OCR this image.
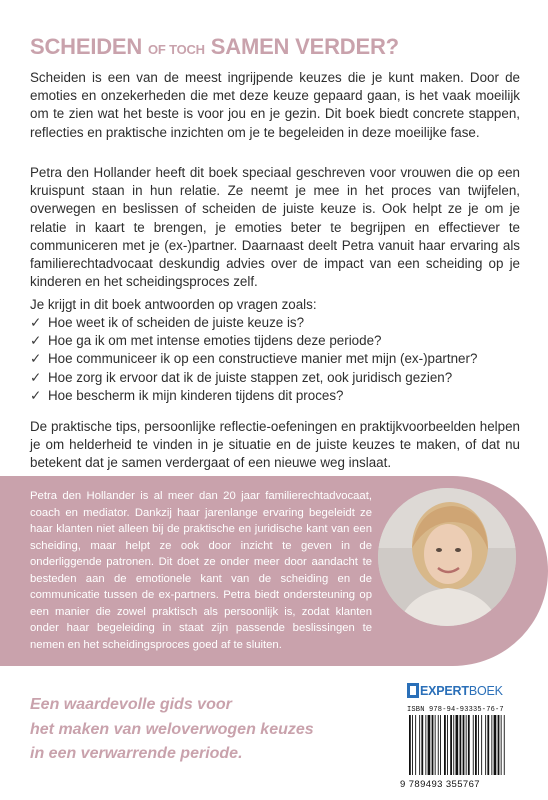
SCHEIDEN OF TOCH SAMEN VERDER?

Scheiden is een van de meest ingrijpende keuzes die je kunt maken. Door de emoties en onzekerheden die met deze keuze gepaard gaan, is het vaak moeilijk om te zien wat het beste is voor jou en je gezin. Dit boek biedt concrete stappen, reflecties en praktische inzichten om je te begeleiden in deze moeilijke fase.

Petra den Hollander heeft dit boek speciaal geschreven voor vrouwen die op een kruispunt staan in hun relatie. Ze neemt je mee in het proces van twijfelen, overwegen en beslissen of scheiden de juiste keuze is. Ook helpt ze je om je relatie in kaart te brengen, je emoties beter te begrijpen en effectiever te communiceren met je (ex-)partner. Daarnaast deelt Petra vanuit haar ervaring als familierechtadvocaat deskundig advies over de impact van een scheiding op je kinderen en het scheidingsproces zelf.

Je krijgt in dit boek antwoorden op vragen zoals:

✓ Hoe weet ik of scheiden de juiste keuze is?
✓ Hoe ga ik om met intense emoties tijdens deze periode?
✓ Hoe communiceer ik op een constructieve manier met mijn (ex-)partner?
✓ Hoe zorg ik ervoor dat ik de juiste stappen zet, ook juridisch gezien?
✓ Hoe bescherm ik mijn kinderen tijdens dit proces?

De praktische tips, persoonlijke reflectie-oefeningen en praktijkvoorbeelden helpen je om helderheid te vinden in je situatie en de juiste keuzes te maken, of dat nu betekent dat je samen verdergaat of een nieuwe weg inslaat.

Petra den Hollander is al meer dan 20 jaar familierechtadvocaat, coach en mediator. Dankzij haar jarenlange ervaring begeleidt ze haar klanten niet alleen bij de praktische en juridische kant van een scheiding, maar helpt ze ook door inzicht te geven in de onderliggende patronen. Dit doet ze onder meer door aandacht te besteden aan de emotionele kant van de scheiding en de communicatie tussen de ex-partners. Petra biedt ondersteuning op een manier die zowel praktisch als persoonlijk is, zodat klanten onder haar begeleiding in staat zijn passende beslissingen te nemen en het scheidingsproces goed af te sluiten.

Een waardevolle gids voor
het maken van weloverwogen keuzes
in een verwarrende periode.

EXPERTBOEK
ISBN 978-94-93335-76-7
9 789493 355767
